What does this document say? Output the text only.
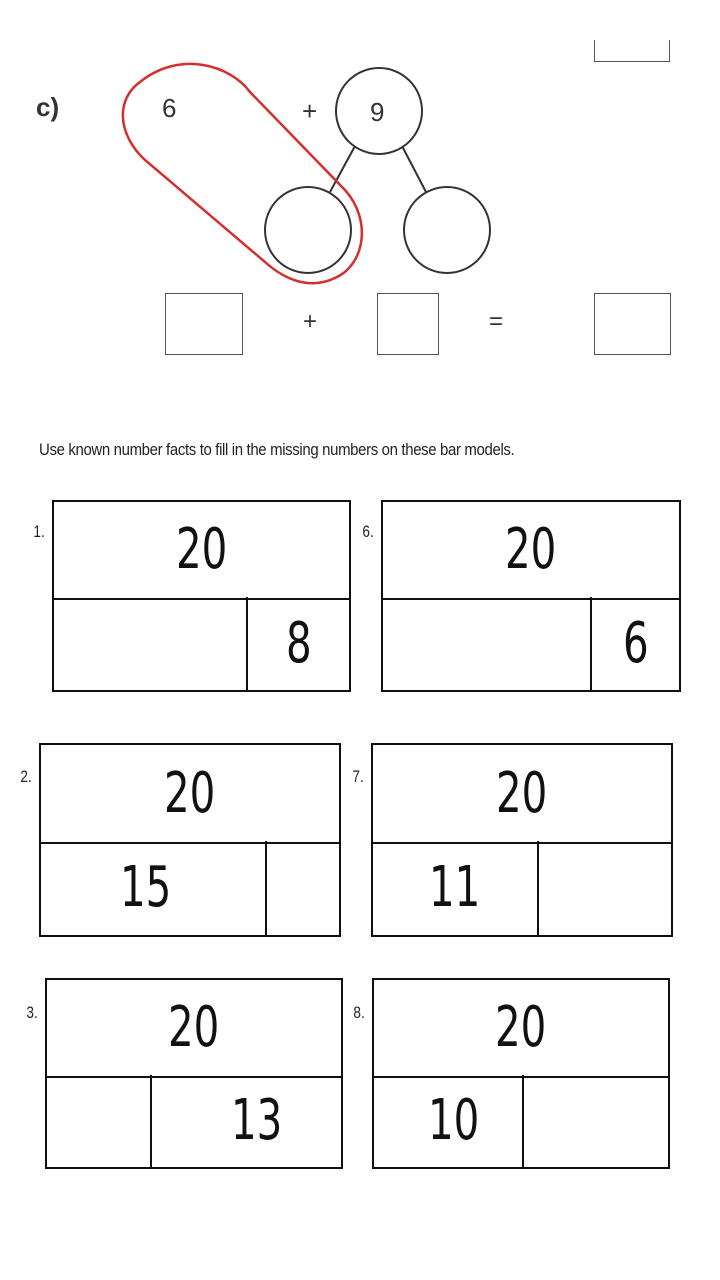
c)	6	+ 9
+	=
Use known number facts to fill in the missing numbers on these bar models.
1. 20
8
6. 20
6
2. 20
15
7. 20
11
3. 20
13
8. 20
10
